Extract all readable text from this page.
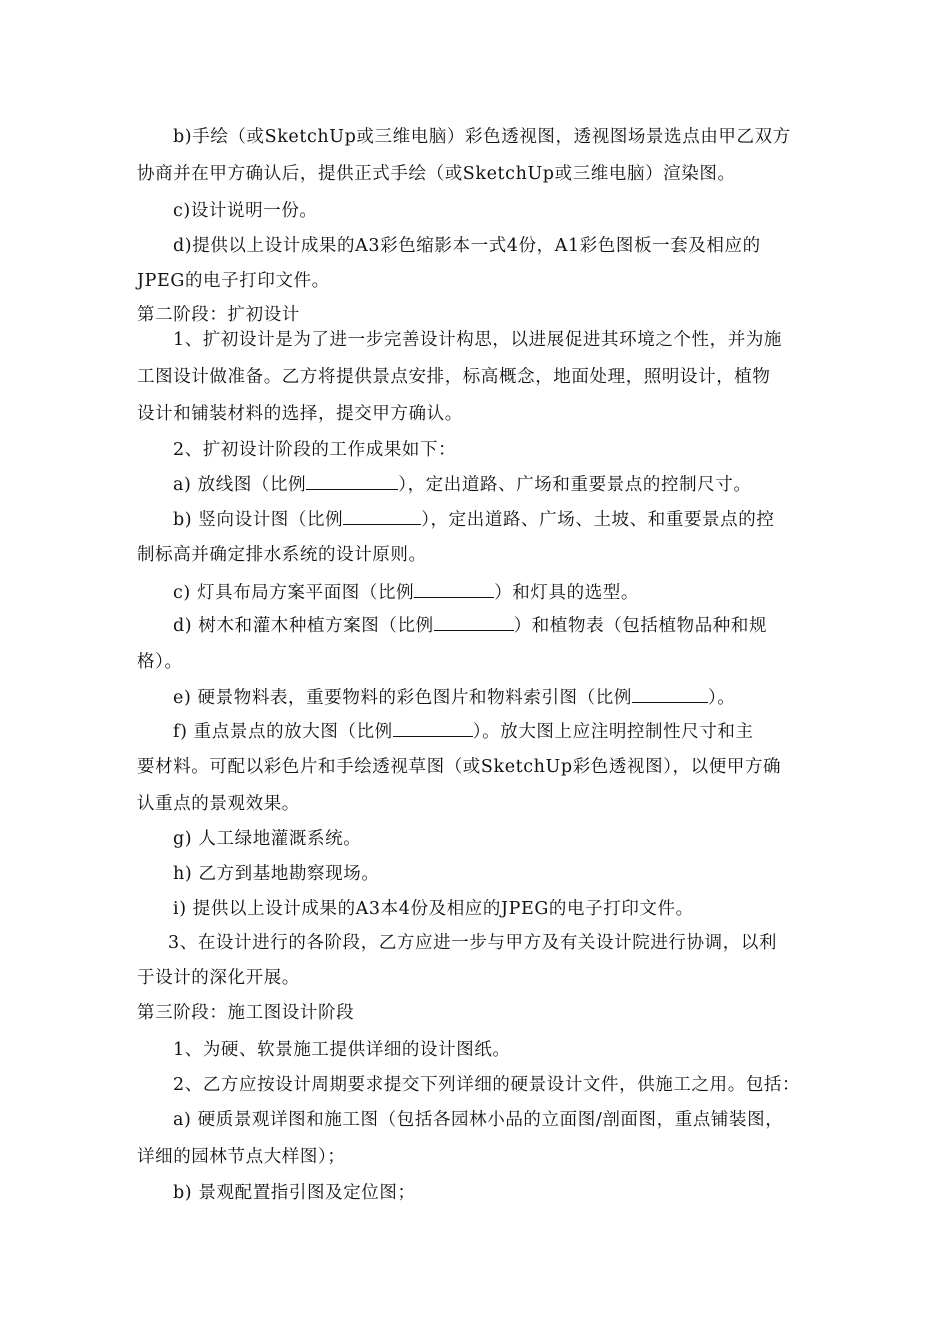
b)手绘（或SketchUp或三维电脑）彩色透视图，透视图场景选点由甲乙双方
协商并在甲方确认后，提供正式手绘（或SketchUp或三维电脑）渲染图。
c)设计说明一份。
d)提供以上设计成果的A3彩色缩影本一式4份，A1彩色图板一套及相应的
JPEG的电子打印文件。
第二阶段：扩初设计
1、扩初设计是为了进一步完善设计构思，以进展促进其环境之个性，并为施
工图设计做准备。乙方将提供景点安排，标高概念，地面处理，照明设计，植物
设计和铺装材料的选择，提交甲方确认。
2、扩初设计阶段的工作成果如下：
a) 放线图（比例	），定出道路、广场和重要景点的控制尺寸。
b) 竖向设计图（比例	），定出道路、广场、土坡、和重要景点的控
制标高并确定排水系统的设计原则。
c) 灯具布局方案平面图（比例	）和灯具的选型。
d) 树木和灌木种植方案图（比例	）和植物表（包括植物品种和规
格）。
e) 硬景物料表，重要物料的彩色图片和物料索引图（比例	）。
f) 重点景点的放大图（比例	）。放大图上应注明控制性尺寸和主
要材料。可配以彩色片和手绘透视草图（或SketchUp彩色透视图），以便甲方确
认重点的景观效果。
g) 人工绿地灌溉系统。
h) 乙方到基地勘察现场。
i) 提供以上设计成果的A3本4份及相应的JPEG的电子打印文件。
3、在设计进行的各阶段，乙方应进一步与甲方及有关设计院进行协调，以利
于设计的深化开展。
第三阶段：施工图设计阶段
1、为硬、软景施工提供详细的设计图纸。
2、乙方应按设计周期要求提交下列详细的硬景设计文件，供施工之用。包括：
a) 硬质景观详图和施工图（包括各园林小品的立面图/剖面图，重点铺装图，
详细的园林节点大样图）；
b) 景观配置指引图及定位图；
